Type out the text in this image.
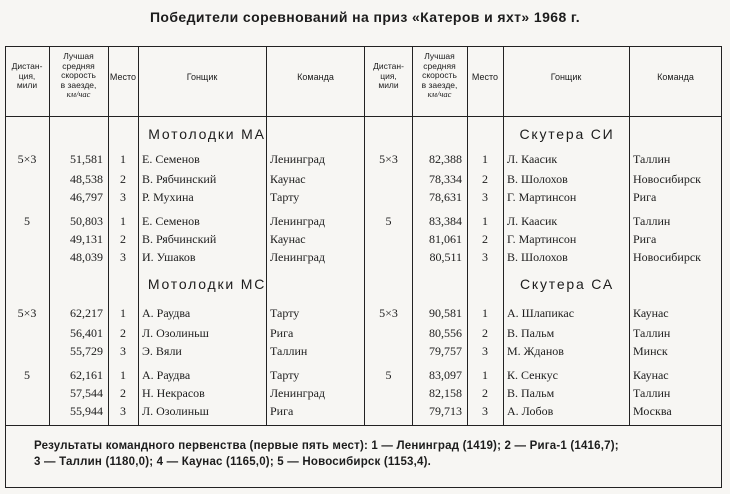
Победители соревнований на приз «Катеров и яхт» 1968 г.
Дистан-
ция,
мили
Лучшая
средняя
скорость
в заезде,
км/час
Место	Гонщик	Команда
Дистан-
ция,
мили
Лучшая
средняя
скорость
в заезде,
км/час
Место	Гонщик	Команда
Мотолодки МА
5×3	51,581	1	Е. Семенов	Ленинград
48,538	2	В. Рябчинский	Каунас
46,797	3	Р. Мухина	Тарту
5	50,803	1	Е. Семенов	Ленинград
49,131	2	В. Рябчинский	Каунас
48,039	3	И. Ушаков	Ленинград
Мотолодки МС
5×3	62,217	1	А. Раудва	Тарту
56,401	2	Л. Озолиньш	Рига
55,729	3	Э. Вяли	Таллин
5	62,161	1	А. Раудва	Тарту
57,544	2	Н. Некрасов	Ленинград
55,944	3	Л. Озолиньш	Рига
Скутера СИ
5×3	82,388	1	Л. Каасик	Таллин
78,334	2	В. Шолохов	Новосибирск
78,631	3	Г. Мартинсон	Рига
5	83,384	1	Л. Каасик	Таллин
81,061	2	Г. Мартинсон	Рига
80,511	3	В. Шолохов	Новосибирск
Скутера СА
5×3	90,581	1	А. Шлапикас	Каунас
80,556	2	В. Пальм	Таллин
79,757	3	М. Жданов	Минск
5	83,097	1	К. Сенкус	Каунас
82,158	2	В. Пальм	Таллин
79,713	3	А. Лобов	Москва
Результаты командного первенства (первые пять мест): 1 — Ленинград (1419); 2 — Рига-1 (1416,7);
3 — Таллин (1180,0); 4 — Каунас (1165,0); 5 — Новосибирск (1153,4).
